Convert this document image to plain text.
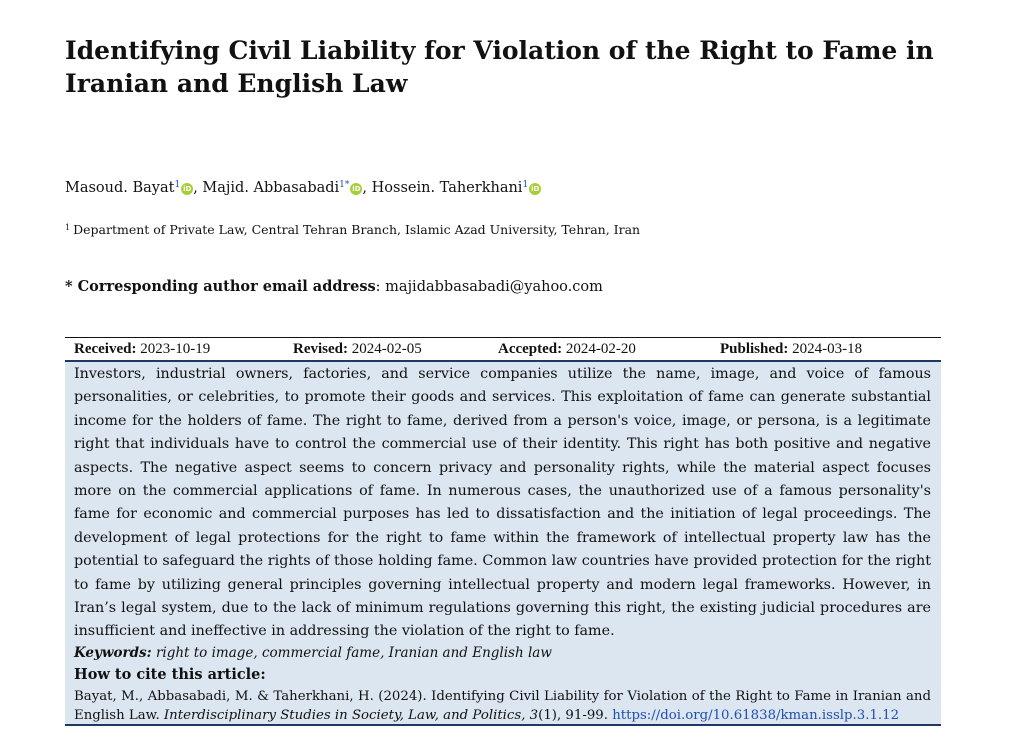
Identifying Civil Liability for Violation of the Right to Fame in Iranian and English Law
Masoud. Bayat$^1$ iD , Majid. Abbasabadi$^{1*}$ iD , Hossein. Taherkhani$^1$ iD
$^1$ Department of Private Law, Central Tehran Branch, Islamic Azad University, Tehran, Iran
* Corresponding author email address: majidabbasabadi@yahoo.com
Received: 2023-10-19	Revised: 2024-02-05	Accepted: 2024-02-20	Published: 2024-03-18

Investors, industrial owners, factories, and service companies utilize the name, image, and voice of famous personalities, or celebrities, to promote their goods and services. This exploitation of fame can generate substantial income for the holders of fame. The right to fame, derived from a person's voice, image, or persona, is a legitimate right that individuals have to control the commercial use of their identity. This right has both positive and negative aspects. The negative aspect seems to concern privacy and personality rights, while the material aspect focuses more on the commercial applications of fame. In numerous cases, the unauthorized use of a famous personality's fame for economic and commercial purposes has led to dissatisfaction and the initiation of legal proceedings. The development of legal protections for the right to fame within the framework of intellectual property law has the potential to safeguard the rights of those holding fame. Common law countries have provided protection for the right to fame by utilizing general principles governing intellectual property and modern legal frameworks. However, in Iran’s legal system, due to the lack of minimum regulations governing this right, the existing judicial procedures are insufficient and ineffective in addressing the violation of the right to fame.

Keywords: right to image, commercial fame, Iranian and English law
How to cite this article:

Bayat, M., Abbasabadi, M. & Taherkhani, H. (2024). Identifying Civil Liability for Violation of the Right to Fame in Iranian and English Law. Interdisciplinary Studies in Society, Law, and Politics, 3(1), 91-99. https://doi.org/10.61838/kman.isslp.3.1.12
